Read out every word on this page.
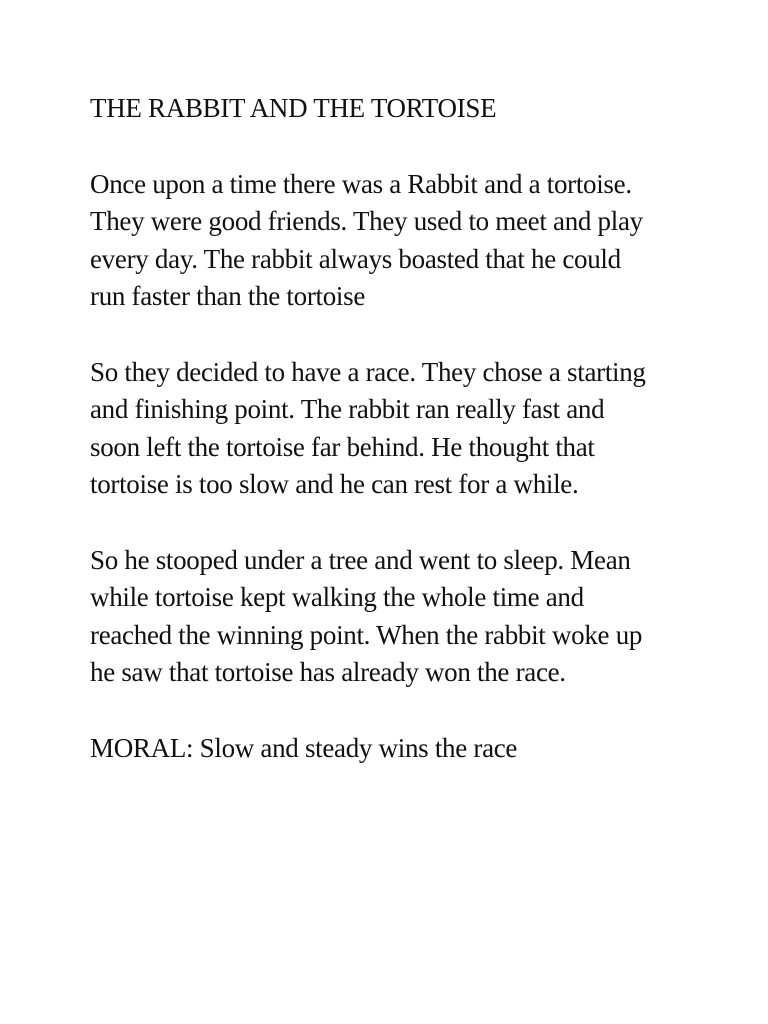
THE RABBIT AND THE TORTOISE

Once upon a time there was a Rabbit and a tortoise.
They were good friends. They used to meet and play
every day. The rabbit always boasted that he could
run faster than the tortoise

So they decided to have a race. They chose a starting
and finishing point. The rabbit ran really fast and
soon left the tortoise far behind. He thought that
tortoise is too slow and he can rest for a while.

So he stooped under a tree and went to sleep. Mean
while tortoise kept walking the whole time and
reached the winning point. When the rabbit woke up
he saw that tortoise has already won the race.

MORAL: Slow and steady wins the race
